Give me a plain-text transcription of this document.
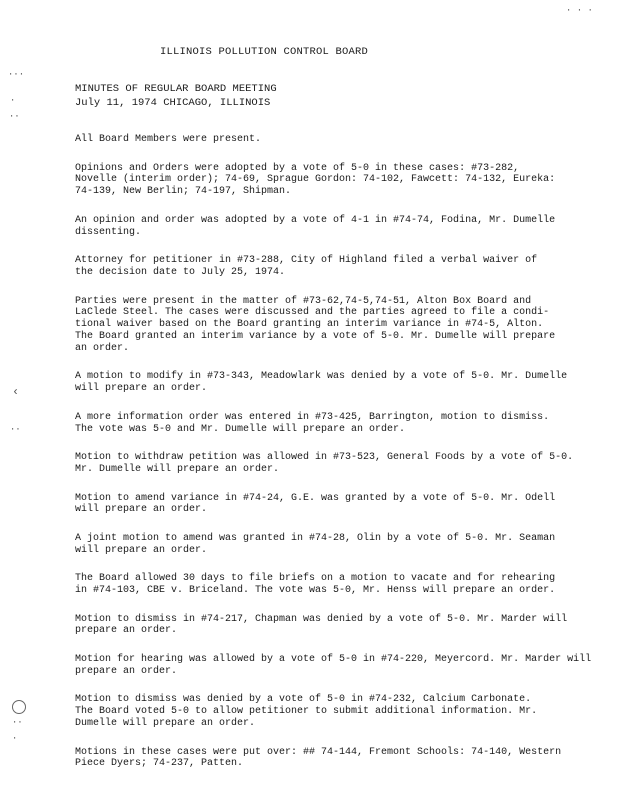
ILLINOIS POLLUTION CONTROL BOARD
MINUTES OF REGULAR BOARD MEETING
July 11, 1974 CHICAGO, ILLINOIS
All Board Members were present.
Opinions and Orders were adopted by a vote of 5-0 in these cases: #73-282,
Novelle (interim order); 74-69, Sprague Gordon: 74-102, Fawcett: 74-132, Eureka:
74-139, New Berlin; 74-197, Shipman.
An opinion and order was adopted by a vote of 4-1 in #74-74, Fodina, Mr. Dumelle
dissenting.
Attorney for petitioner in #73-288, City of Highland filed a verbal waiver of
the decision date to July 25, 1974.
Parties were present in the matter of #73-62,74-5,74-51, Alton Box Board and
LaClede Steel. The cases were discussed and the parties agreed to file a condi-
tional waiver based on the Board granting an interim variance in #74-5, Alton.
The Board granted an interim variance by a vote of 5-0. Mr. Dumelle will prepare
an order.
A motion to modify in #73-343, Meadowlark was denied by a vote of 5-0. Mr. Dumelle
will prepare an order.
A more information order was entered in #73-425, Barrington, motion to dismiss.
The vote was 5-0 and Mr. Dumelle will prepare an order.
Motion to withdraw petition was allowed in #73-523, General Foods by a vote of 5-0.
Mr. Dumelle will prepare an order.
Motion to amend variance in #74-24, G.E. was granted by a vote of 5-0. Mr. Odell
will prepare an order.
A joint motion to amend was granted in #74-28, Olin by a vote of 5-0. Mr. Seaman
will prepare an order.
The Board allowed 30 days to file briefs on a motion to vacate and for rehearing
in #74-103, CBE v. Briceland. The vote was 5-0, Mr. Henss will prepare an order.
Motion to dismiss in #74-217, Chapman was denied by a vote of 5-0. Mr. Marder will
prepare an order.
Motion for hearing was allowed by a vote of 5-0 in #74-220, Meyercord. Mr. Marder will
prepare an order.
Motion to dismiss was denied by a vote of 5-0 in #74-232, Calcium Carbonate.
The Board voted 5-0 to allow petitioner to submit additional information. Mr.
Dumelle will prepare an order.
Motions in these cases were put over: ## 74-144, Fremont Schools: 74-140, Western
Piece Dyers; 74-237, Patten.
⋅⋅⋅
⋅
⋅⋅
‹
⋅⋅
⋅ ⋅ ⋅
⋅⋅
⋅
